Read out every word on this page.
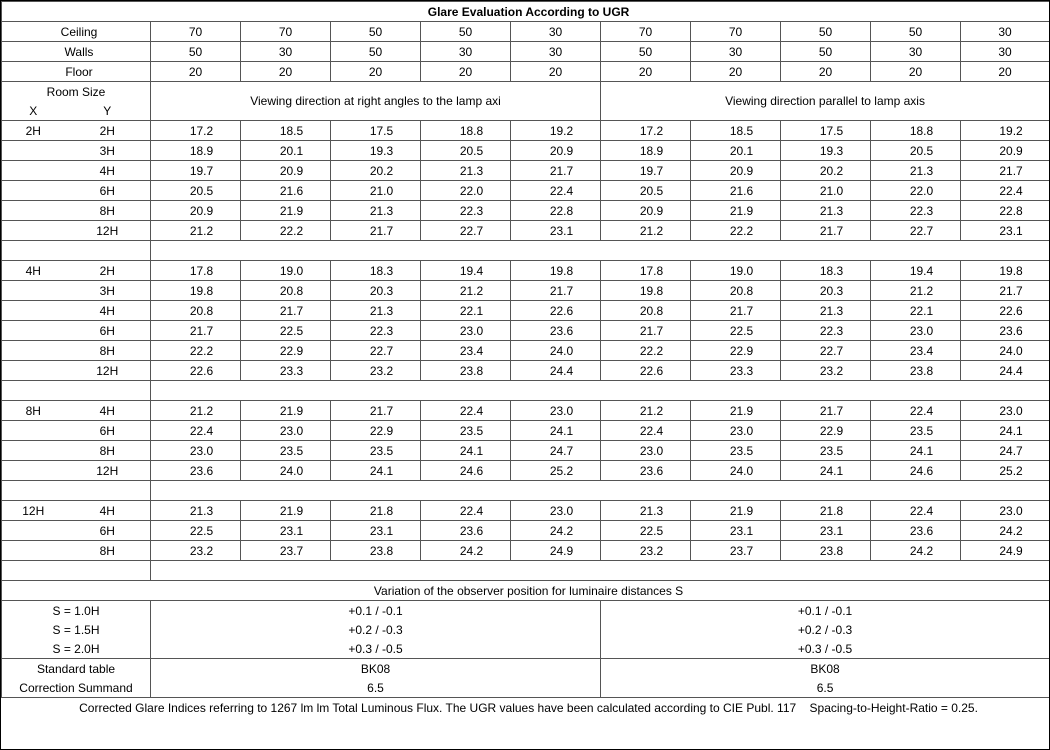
Glare Evaluation According to UGR											
Ceiling		70	70	50	50	30	70	70	50	50	30
Walls		50	30	50	30	30	50	30	50	30	30
Floor		20	20	20	20	20	20	20	20	20	20
Room Size		Viewing direction at right angles to the lamp axi					Viewing direction parallel to lamp axis				
X	Y										
2H	2H	17.2	18.5	17.5	18.8	19.2	17.2	18.5	17.5	18.8	19.2
	3H	18.9	20.1	19.3	20.5	20.9	18.9	20.1	19.3	20.5	20.9
	4H	19.7	20.9	20.2	21.3	21.7	19.7	20.9	20.2	21.3	21.7
	6H	20.5	21.6	21.0	22.0	22.4	20.5	21.6	21.0	22.0	22.4
	8H	20.9	21.9	21.3	22.3	22.8	20.9	21.9	21.3	22.3	22.8
	12H	21.2	22.2	21.7	22.7	23.1	21.2	22.2	21.7	22.7	23.1

4H	2H	17.8	19.0	18.3	19.4	19.8	17.8	19.0	18.3	19.4	19.8
	3H	19.8	20.8	20.3	21.2	21.7	19.8	20.8	20.3	21.2	21.7
	4H	20.8	21.7	21.3	22.1	22.6	20.8	21.7	21.3	22.1	22.6
	6H	21.7	22.5	22.3	23.0	23.6	21.7	22.5	22.3	23.0	23.6
	8H	22.2	22.9	22.7	23.4	24.0	22.2	22.9	22.7	23.4	24.0
	12H	22.6	23.3	23.2	23.8	24.4	22.6	23.3	23.2	23.8	24.4

8H	4H	21.2	21.9	21.7	22.4	23.0	21.2	21.9	21.7	22.4	23.0
	6H	22.4	23.0	22.9	23.5	24.1	22.4	23.0	22.9	23.5	24.1
	8H	23.0	23.5	23.5	24.1	24.7	23.0	23.5	23.5	24.1	24.7
	12H	23.6	24.0	24.1	24.6	25.2	23.6	24.0	24.1	24.6	25.2

12H	4H	21.3	21.9	21.8	22.4	23.0	21.3	21.9	21.8	22.4	23.0
	6H	22.5	23.1	23.1	23.6	24.2	22.5	23.1	23.1	23.6	24.2
	8H	23.2	23.7	23.8	24.2	24.9	23.2	23.7	23.8	24.2	24.9

Variation of the observer position for luminaire distances S											
S = 1.0H		+0.1 / -0.1					+0.1 / -0.1				
S = 1.5H		+0.2 / -0.3					+0.2 / -0.3				
S = 2.0H		+0.3 / -0.5					+0.3 / -0.5				
Standard table		BK08					BK08				
Correction Summand		6.5					6.5				
Corrected Glare Indices referring to 1267 lm lm Total Luminous Flux. The UGR values have been calculated according to CIE Publ. 117 Spacing-to-Height-Ratio = 0.25.											
